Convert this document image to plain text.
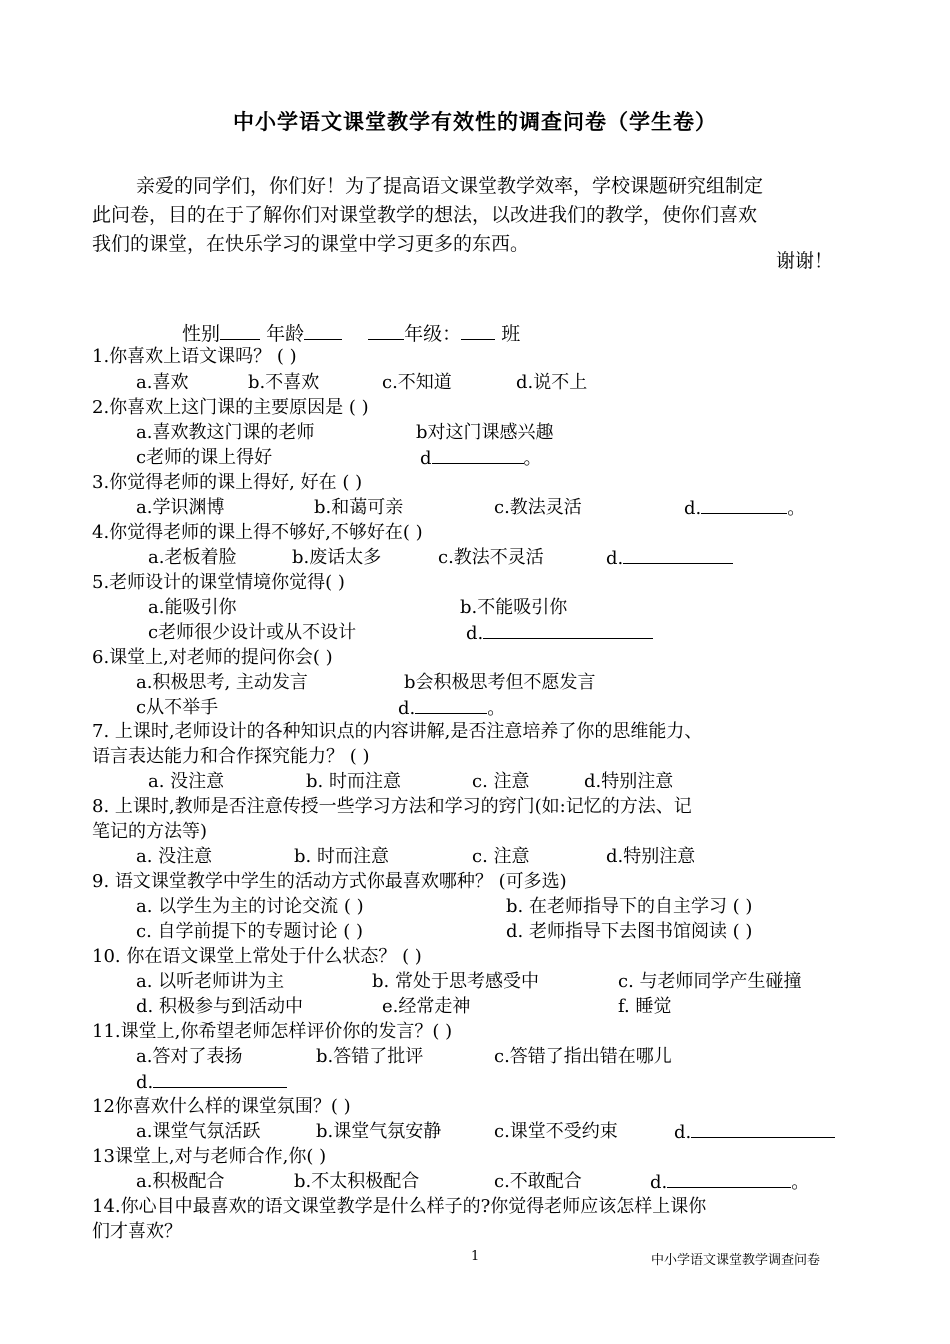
中小学语文课堂教学有效性的调查问卷（学生卷）
亲爱的同学们，你们好！为了提高语文课堂教学效率，学校课题研究组制定
此问卷，目的在于了解你们对课堂教学的想法，以改进我们的教学，使你们喜欢
我们的课堂，在快乐学习的课堂中学习更多的东西。
谢谢！
性别 年龄	年级： 班
1.你喜欢上语文课吗？ ( )
a.喜欢	b.不喜欢	c.不知道	d.说不上
2.你喜欢上这门课的主要原因是 ( )
a.喜欢教这门课的老师	b对这门课感兴趣
c老师的课上得好	d	。
3.你觉得老师的课上得好, 好在 ( )
a.学识渊博	b.和蔼可亲	c.教法灵活	d.	。
4.你觉得老师的课上得不够好,不够好在( )
a.老板着脸	b.废话太多	c.教法不灵活	d.
5.老师设计的课堂情境你觉得( )
a.能吸引你	b.不能吸引你
c老师很少设计或从不设计	d.
6.课堂上,对老师的提问你会( )
a.积极思考, 主动发言	b会积极思考但不愿发言
c从不举手	d.	。
7. 上课时,老师设计的各种知识点的内容讲解,是否注意培养了你的思维能力、
语言表达能力和合作探究能力？ ( )
a. 没注意	b. 时而注意	c. 注意	d.特别注意
8. 上课时,教师是否注意传授一些学习方法和学习的窍门(如:记忆的方法、记
笔记的方法等)
a. 没注意	b. 时而注意	c. 注意	d.特别注意
9. 语文课堂教学中学生的活动方式你最喜欢哪种？ (可多选)
a. 以学生为主的讨论交流 ( )	b. 在老师指导下的自主学习 ( )
c. 自学前提下的专题讨论 ( )	d. 老师指导下去图书馆阅读 ( )
10. 你在语文课堂上常处于什么状态？ ( )
a. 以听老师讲为主	b. 常处于思考感受中	c. 与老师同学产生碰撞
d. 积极参与到活动中	e.经常走神	f. 睡觉
11.课堂上,你希望老师怎样评价你的发言？( )
a.答对了表扬	b.答错了批评	c.答错了指出错在哪儿
d.
12你喜欢什么样的课堂氛围？( )
a.课堂气氛活跃	b.课堂气氛安静	c.课堂不受约束	d.
13课堂上,对与老师合作,你( )
a.积极配合	b.不太积极配合	c.不敢配合	d.	。
14.你心目中最喜欢的语文课堂教学是什么样子的?你觉得老师应该怎样上课你
们才喜欢？
1	中小学语文课堂教学调查问卷
